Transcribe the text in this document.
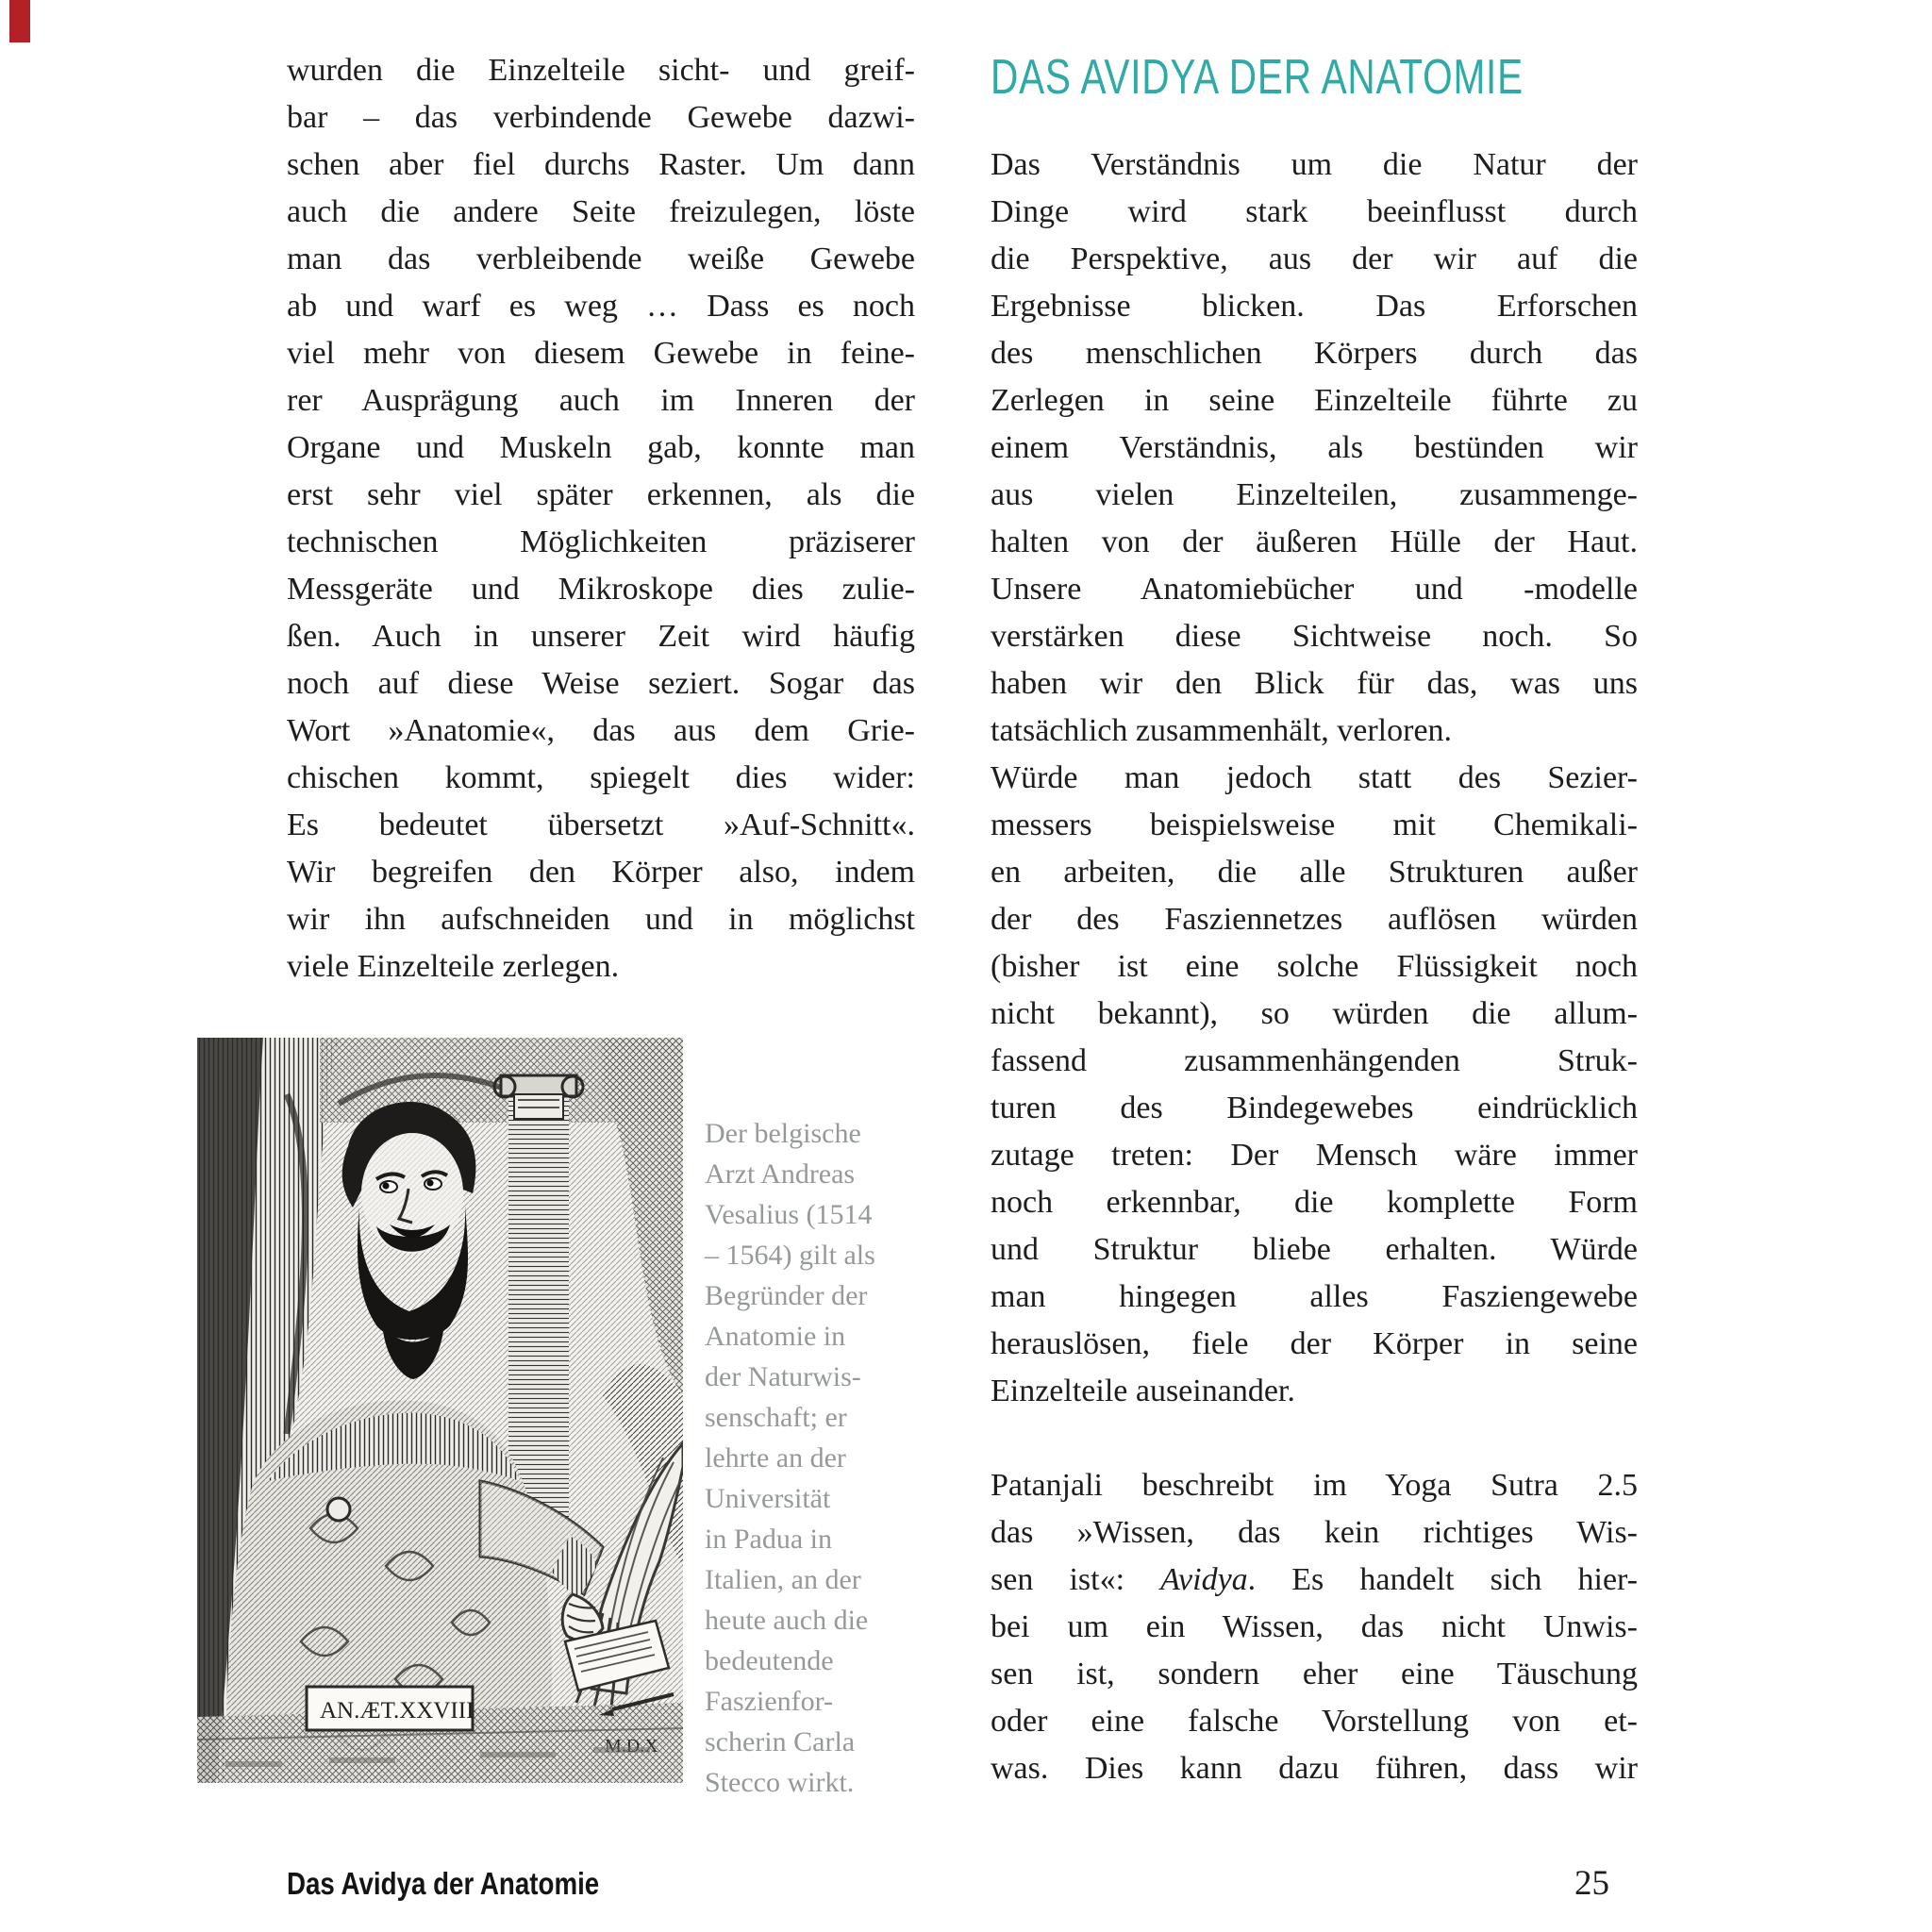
wurden die Einzelteile sicht- und greif-
bar – das verbindende Gewebe dazwi-
schen aber fiel durchs Raster. Um dann
auch die andere Seite freizulegen, löste
man das verbleibende weiße Gewebe
ab und warf es weg … Dass es noch
viel mehr von diesem Gewebe in feine-
rer Ausprägung auch im Inneren der
Organe und Muskeln gab, konnte man
erst sehr viel später erkennen, als die
technischen Möglichkeiten präziserer
Messgeräte und Mikroskope dies zulie-
ßen. Auch in unserer Zeit wird häufig
noch auf diese Weise seziert. Sogar das
Wort »Anatomie«, das aus dem Grie-
chischen kommt, spiegelt dies wider:
Es bedeutet übersetzt »Auf-Schnitt«.
Wir begreifen den Körper also, indem
wir ihn aufschneiden und in möglichst
viele Einzelteile zerlegen.
AN.ÆT.XXVIII
M.D.X
Der belgische
Arzt Andreas
Vesalius (1514
– 1564) gilt als
Begründer der
Anatomie in
der Naturwis-
senschaft; er
lehrte an der
Universität
in Padua in
Italien, an der
heute auch die
bedeutende
Faszienfor-
scherin Carla
Stecco wirkt.
DAS AVIDYA DER ANATOMIE
Das Verständnis um die Natur der
Dinge wird stark beeinflusst durch
die Perspektive, aus der wir auf die
Ergebnisse blicken. Das Erforschen
des menschlichen Körpers durch das
Zerlegen in seine Einzelteile führte zu
einem Verständnis, als bestünden wir
aus vielen Einzelteilen, zusammenge-
halten von der äußeren Hülle der Haut.
Unsere Anatomiebücher und -modelle
verstärken diese Sichtweise noch. So
haben wir den Blick für das, was uns
tatsächlich zusammenhält, verloren.
Würde man jedoch statt des Sezier-
messers beispielsweise mit Chemikali-
en arbeiten, die alle Strukturen außer
der des Fasziennetzes auflösen würden
(bisher ist eine solche Flüssigkeit noch
nicht bekannt), so würden die allum-
fassend zusammenhängenden Struk-
turen des Bindegewebes eindrücklich
zutage treten: Der Mensch wäre immer
noch erkennbar, die komplette Form
und Struktur bliebe erhalten. Würde
man hingegen alles Fasziengewebe
herauslösen, fiele der Körper in seine
Einzelteile auseinander.
Patanjali beschreibt im Yoga Sutra 2.5
das »Wissen, das kein richtiges Wis-
sen ist«: Avidya. Es handelt sich hier-
bei um ein Wissen, das nicht Unwis-
sen ist, sondern eher eine Täuschung
oder eine falsche Vorstellung von et-
was. Dies kann dazu führen, dass wir
Das Avidya der Anatomie	25
